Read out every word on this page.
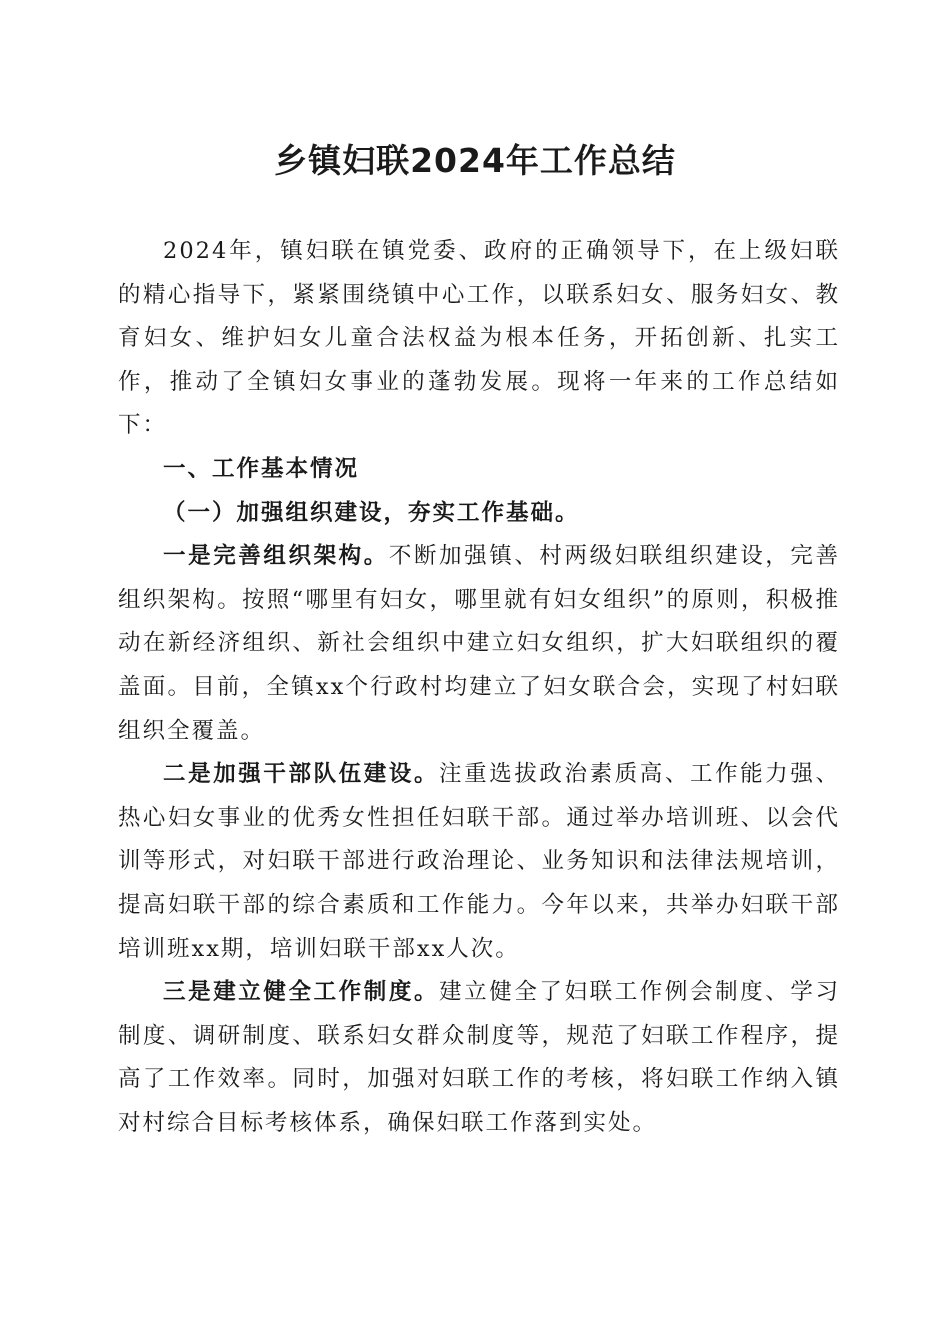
乡镇妇联2024年工作总结

2024年，镇妇联在镇党委、政府的正确领导下，在上级妇联的精心指导下，紧紧围绕镇中心工作，以联系妇女、服务妇女、教育妇女、维护妇女儿童合法权益为根本任务，开拓创新、扎实工作，推动了全镇妇女事业的蓬勃发展。现将一年来的工作总结如下：

一、工作基本情况

（一）加强组织建设，夯实工作基础。

一是完善组织架构。不断加强镇、村两级妇联组织建设，完善组织架构。按照“哪里有妇女，哪里就有妇女组织”的原则，积极推动在新经济组织、新社会组织中建立妇女组织，扩大妇联组织的覆盖面。目前，全镇xx个行政村均建立了妇女联合会，实现了村妇联组织全覆盖。

二是加强干部队伍建设。注重选拔政治素质高、工作能力强、热心妇女事业的优秀女性担任妇联干部。通过举办培训班、以会代训等形式，对妇联干部进行政治理论、业务知识和法律法规培训，提高妇联干部的综合素质和工作能力。今年以来，共举办妇联干部培训班xx期，培训妇联干部xx人次。

三是建立健全工作制度。建立健全了妇联工作例会制度、学习制度、调研制度、联系妇女群众制度等，规范了妇联工作程序，提高了工作效率。同时，加强对妇联工作的考核，将妇联工作纳入镇对村综合目标考核体系，确保妇联工作落到实处。
